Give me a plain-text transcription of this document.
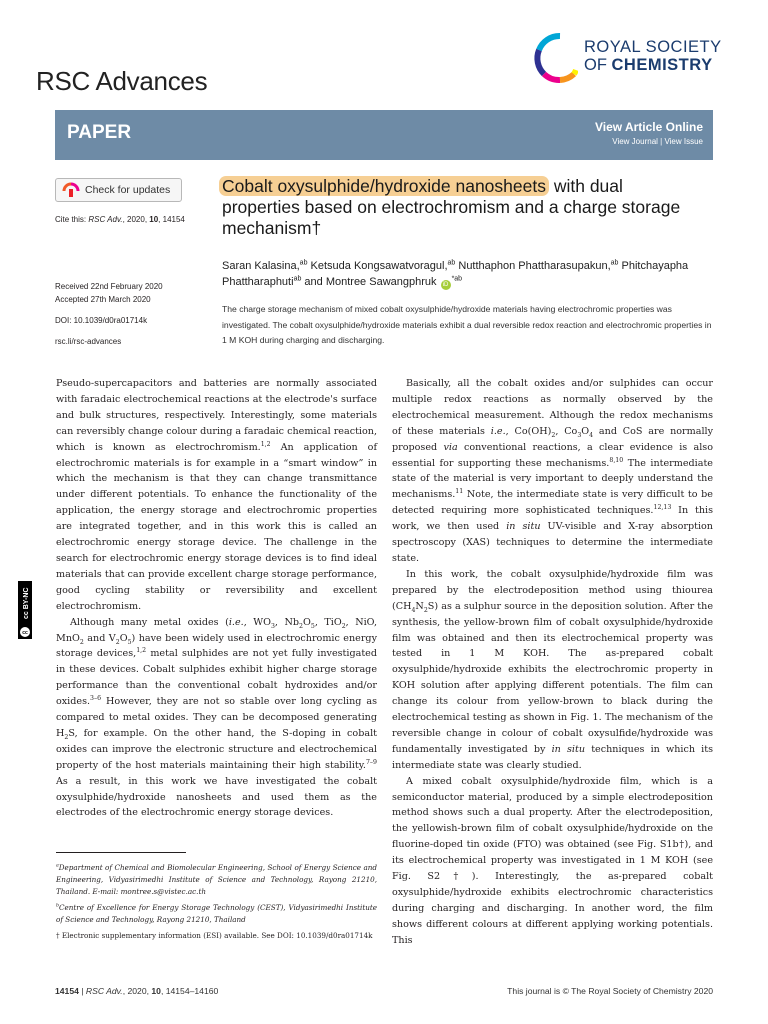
RSC Advances
ROYAL SOCIETY
OF CHEMISTRY
PAPER	View Article Online
View Journal | View Issue
Check for updates
Cite this: RSC Adv., 2020, 10, 14154
Received 22nd February 2020
Accepted 27th March 2020
DOI: 10.1039/d0ra01714k
rsc.li/rsc-advances
Cobalt oxysulphide/hydroxide nanosheets with dual properties based on electrochromism and a charge storage mechanism†
Saran Kalasina,$^{ab}$ Ketsuda Kongsawatvoragul,$^{ab}$ Nutthaphon Phattharasupakun,$^{ab}$ Phitchayapha Phattharaphuti$^{ab}$ and Montree Sawangphruk $iD^{*ab}$
The charge storage mechanism of mixed cobalt oxysulphide/hydroxide materials having electrochromic properties was investigated. The cobalt oxysulphide/hydroxide materials exhibit a dual reversible redox reaction and electrochromic properties in 1 M KOH during charging and discharging.
cc
cc BY-NC

Pseudo-supercapacitors and batteries are normally associated with faradaic electrochemical reactions at the electrode's surface and bulk structures, respectively. Interestingly, some materials can reversibly change colour during a faradaic chemical reaction, which is known as electrochromism.$^{1,2}$ An application of electrochromic materials is for example in a “smart window” in which the mechanism is that they can change transmittance under different potentials. To enhance the functionality of the application, the energy storage and electrochromic properties are integrated together, and in this work this is called an electrochromic energy storage device. The challenge in the search for electrochromic energy storage devices is to find ideal materials that can provide excellent charge storage performance, good cycling stability or reversibility and excellent electrochromism.

Although many metal oxides (i.e., $WO_3$, $Nb_2O_5$, TiO$_2$, NiO, MnO$_2$ and $V_2O_5$) have been widely used in electrochromic energy storage devices,$^{1,2}$ metal sulphides are not yet fully investigated in these devices. Cobalt sulphides exhibit higher charge storage performance than the conventional cobalt hydroxides and/or oxides.$^{3-6}$ However, they are not so stable over long cycling as compared to metal oxides. They can be decomposed generating $H_2S$, for example. On the other hand, the S-doping in cobalt oxides can improve the electronic structure and electrochemical property of the host materials maintaining their high stability.$^{7-9}$ As a result, in this work we have investigated the cobalt oxysulphide/hydroxide nanosheets and used them as the electrodes of the electrochromic energy storage devices.

Basically, all the cobalt oxides and/or sulphides can occur multiple redox reactions as normally observed by the electrochemical measurement. Although the redox mechanisms of these materials i.e., $Co(OH)_2$, $Co_3O_4$ and CoS are normally proposed via conventional reactions, a clear evidence is also essential for supporting these mechanisms.$^{8,10}$ The intermediate state of the material is very important to deeply understand the mechanisms.$^{11}$ Note, the intermediate state is very difficult to be detected requiring more sophisticated techniques.$^{12,13}$ In this work, we then used in situ UV-visible and X-ray absorption spectroscopy (XAS) techniques to determine the intermediate state.

In this work, the cobalt oxysulphide/hydroxide film was prepared by the electrodeposition method using thiourea $(CH_4N_2S)$ as a sulphur source in the deposition solution. After the synthesis, the yellow-brown film of cobalt oxysulphide/hydroxide film was obtained and then its electrochemical property was tested in 1 M KOH. The as-prepared cobalt oxysulphide/hydroxide exhibits the electrochromic property in KOH solution after applying different potentials. The film can change its colour from yellow-brown to black during the electrochemical testing as shown in Fig. 1. The mechanism of the reversible change in colour of cobalt oxysulfide/hydroxide was fundamentally investigated by in situ techniques in which its intermediate state was clearly studied.

A mixed cobalt oxysulphide/hydroxide film, which is a semiconductor material, produced by a simple electrodeposition method shows such a dual property. After the electrodeposition, the yellowish-brown film of cobalt oxysulphide/hydroxide on the fluorine-doped tin oxide (FTO) was obtained (see Fig. S1b†), and its electrochemical property was investigated in 1 M KOH (see Fig. S2†). Interestingly, the as-prepared cobalt oxysulphide/hydroxide exhibits electrochromic characteristics during charging and discharging. In another word, the film shows different colours at different applying working potentials. This

$^a$Department of Chemical and Biomolecular Engineering, School of Energy Science and Engineering, Vidyasirimedhi Institute of Science and Technology, Rayong 21210, Thailand. E-mail: montree.s@vistec.ac.th

$^b$Centre of Excellence for Energy Storage Technology (CEST), Vidyasirimedhi Institute of Science and Technology, Rayong 21210, Thailand

† Electronic supplementary information (ESI) available. See DOI: 10.1039/d0ra01714k

14154 | RSC Adv., 2020, 10, 14154–14160	This journal is © The Royal Society of Chemistry 2020
